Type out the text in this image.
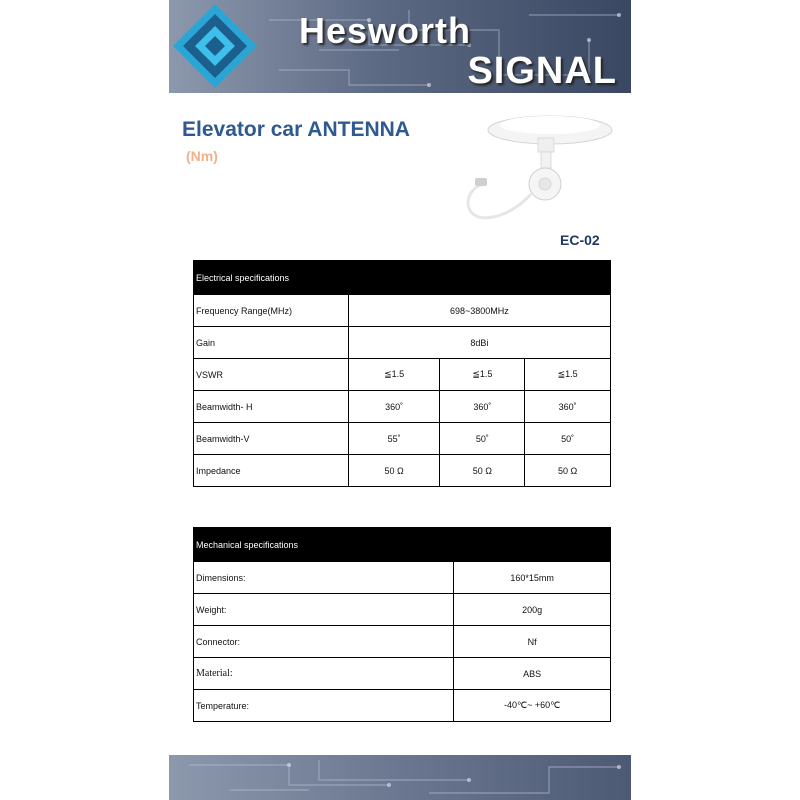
Hesworth
SIGNAL
Elevator car ANTENNA
(Nm)
EC-02
Electrical specifications			
Frequency Range(MHz)	698~3800MHz		
Gain	8dBi		
VSWR	≦1.5	≦1.5	≦1.5
Beamwidth- H	360˚	360˚	360˚
Beamwidth-V	55˚	50˚	50˚
Impedance	50 Ω	50 Ω	50 Ω
Mechanical specifications	
Dimensions:	160*15mm
Weight:	200g
Connector:	Nf
Material:	ABS
Temperature:	-40℃~ +60℃
